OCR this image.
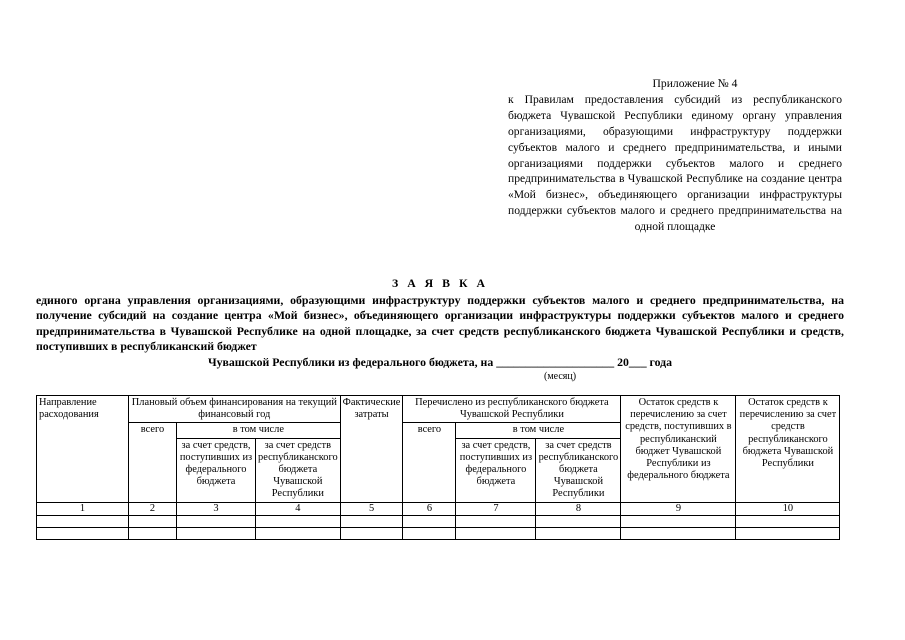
Приложение № 4
к Правилам предоставления субсидий из республиканского бюджета Чувашской Республики единому органу управления организациями, образующими инфраструктуру поддержки субъектов малого и среднего предпринимательства, и иными организациями поддержки субъектов малого и среднего предпринимательства в Чувашской Республике на создание центра «Мой бизнес», объединяющего организации инфраструктуры поддержки субъектов малого и среднего предпринимательства на одной площадке
З А Я В К А
единого органа управления организациями, образующими инфраструктуру поддержки субъектов малого и среднего предпринимательства, на получение субсидий на создание центра «Мой бизнес», объединяющего организации инфраструктуры поддержки субъектов малого и среднего предпринимательства в Чувашской Республике на одной площадке, за счет средств республиканского бюджета Чувашской Республики и средств, поступивших в республиканский бюджет
Чувашской Республики из федерального бюджета, на ____________________ 20___ года
(месяц)
Направление расходования	Плановый объем финансирования на текущий финансовый год			Фактические затраты	Перечислено из республиканского бюджета Чувашской Республики			Остаток средств к перечислению за счет средств, поступивших в республиканский бюджет Чувашской Республики из федерального бюджета	Остаток средств к перечислению за счет средств республиканского бюджета Чувашской Республики
	всего	в том числе			всего	в том числе			
		за счет средств, поступивших из федерального бюджета	за счет средств республиканского бюджета Чувашской Республики			за счет средств, поступивших из федерального бюджета	за счет средств республиканского бюджета Чувашской Республики		
1	2	3	4	5	6	7	8	9	10
